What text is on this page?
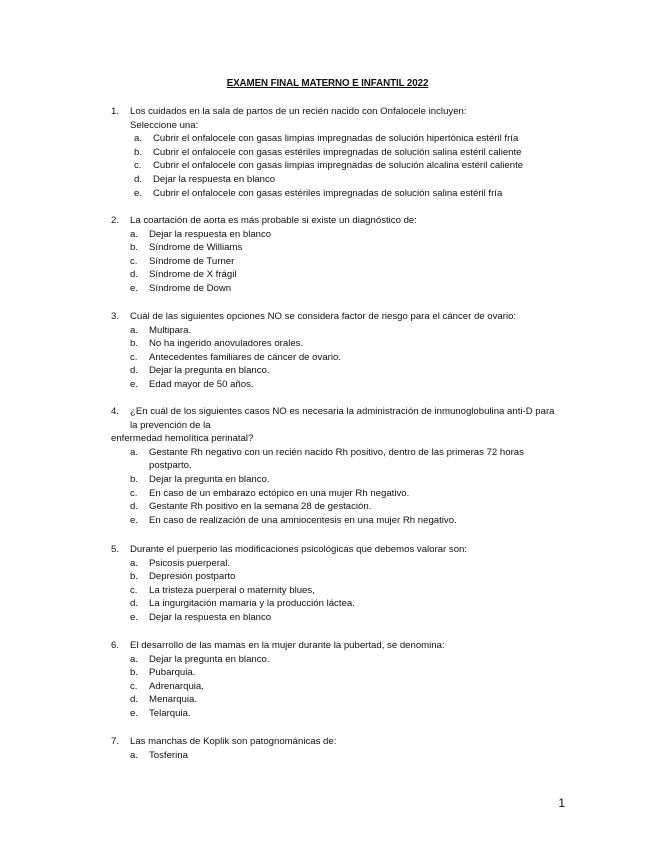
EXAMEN FINAL MATERNO E INFANTIL 2022
1.	Los cuidados en la sala de partos de un recién nacido con Onfalocele incluyen:
Seleccione una:
a. Cubrir el onfalocele con gasas limpias impregnadas de solución hipertónica estéril fría
b. Cubrir el onfalocele con gasas estériles impregnadas de solución salina estéril caliente
c. Cubrir el onfalocele con gasas limpias impregnadas de solución alcalina estéril caliente
d. Dejar la respuesta en blanco
e. Cubrir el onfalocele con gasas estériles impregnadas de solución salina estéril fría
2.	La coartación de aorta es más probable si existe un diagnóstico de:
a. Dejar la respuesta en blanco
b. Síndrome de Williams
c. Síndrome de Turner
d. Síndrome de X frágil
e. Síndrome de Down
3.	Cuál de las siguientes opciones NO se considera factor de riesgo para el cáncer de ovario:
a. Multipara.
b. No ha ingerido anovuladores orales.
c. Antecedentes familiares de cáncer de ovario.
d. Dejar la pregunta en blanco.
e. Edad mayor de 50 años.
4.	¿En cuál de los siguientes casos NO es necesaria la administración de inmunoglobulina anti-D para la prevención de la
enfermedad hemolítica perinatal?
a. Gestante Rh negativo con un recién nacido Rh positivo, dentro de las primeras 72 horas postparto.
b. Dejar la pregunta en blanco.
c. En caso de un embarazo ectópico en una mujer Rh negativo.
d. Gestante Rh positivo en la semana 28 de gestación.
e. En caso de realización de una amniocentesis en una mujer Rh negativo.
5.	Durante el puerperio las modificaciones psicológicas que debemos valorar son:
a. Psicosis puerperal.
b. Depresión postparto
c. La tristeza puerperal o maternity blues,
d. La ingurgitación mamaria y la producción láctea.
e. Dejar la respuesta en blanco
6.	El desarrollo de las mamas en la mujer durante la pubertad, se denomina:
a. Dejar la pregunta en blanco.
b. Pubarquia.
c. Adrenarquia,
d. Menarquia.
e. Telarquia.
7.	Las manchas de Koplik son patognománicas de:
a. Tosferina
1
